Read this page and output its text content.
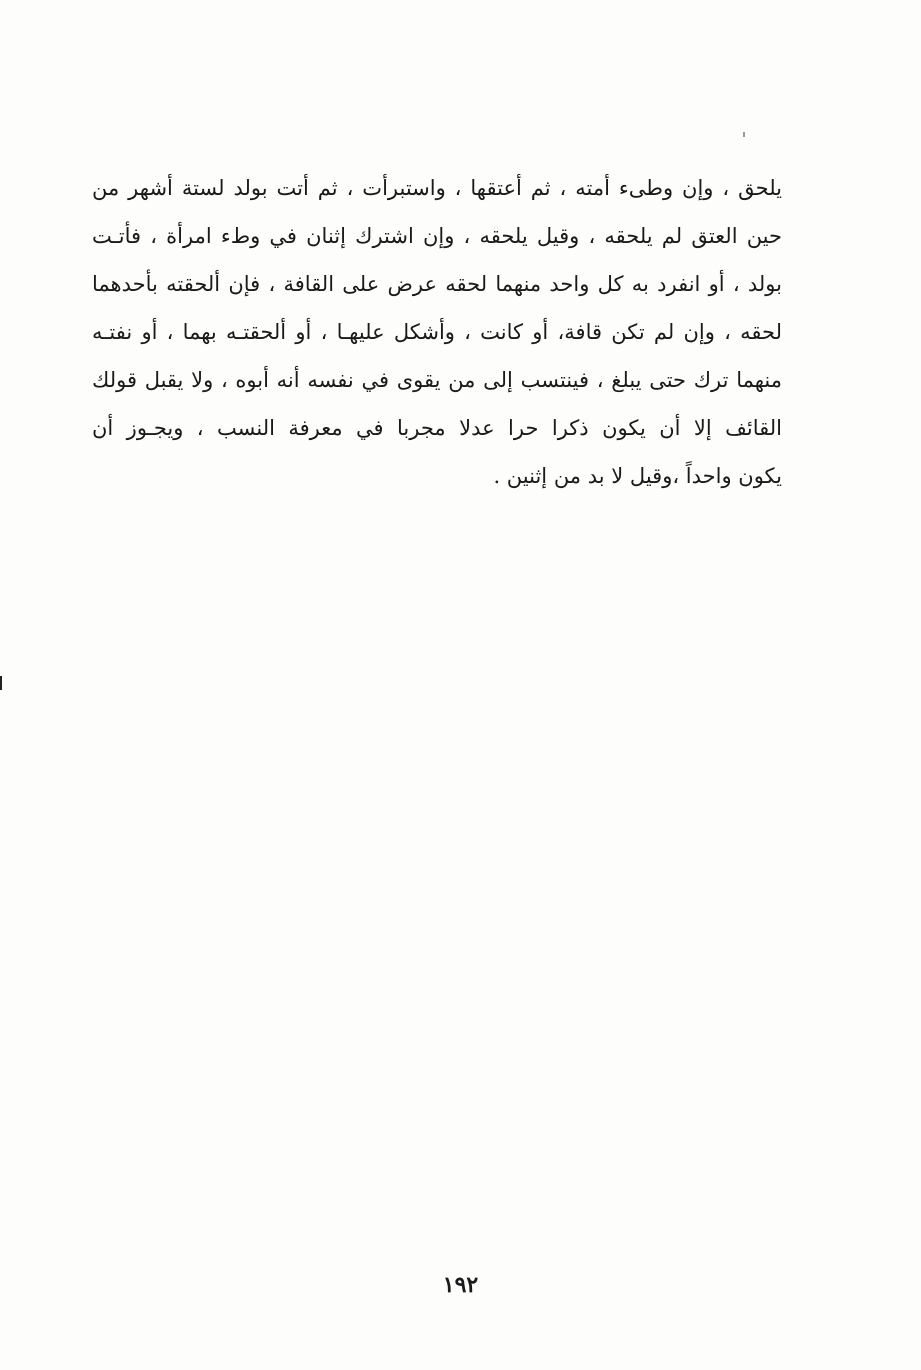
يلحق ، وإن وطىء أمته ، ثم أعتقها ، واستبرأت ، ثم أتت بولد لستة أشهر من
حين العتق لم يلحقه ، وقيل يلحقه ، وإن اشترك إثنان في وطء امرأة ، فأتـت
بولد ، أو انفرد به كل واحد منهما لحقه عرض على القافة ، فإن ألحقته بأحدهما
لحقه ، وإن لم تكن قافة، أو كانت ، وأشكل عليهـا ، أو ألحقتـه بهما ، أو نفتـه
منهما ترك حتى يبلغ ، فينتسب إلى من يقوى في نفسه أنه أبوه ، ولا يقبل قولك
القائف إلا أن يكون ذكرا حرا عدلا مجربا في معرفة النسب ، ويجـوز أن
يكون واحداً ،وقيل لا بد من إثنين .
١٩٢
